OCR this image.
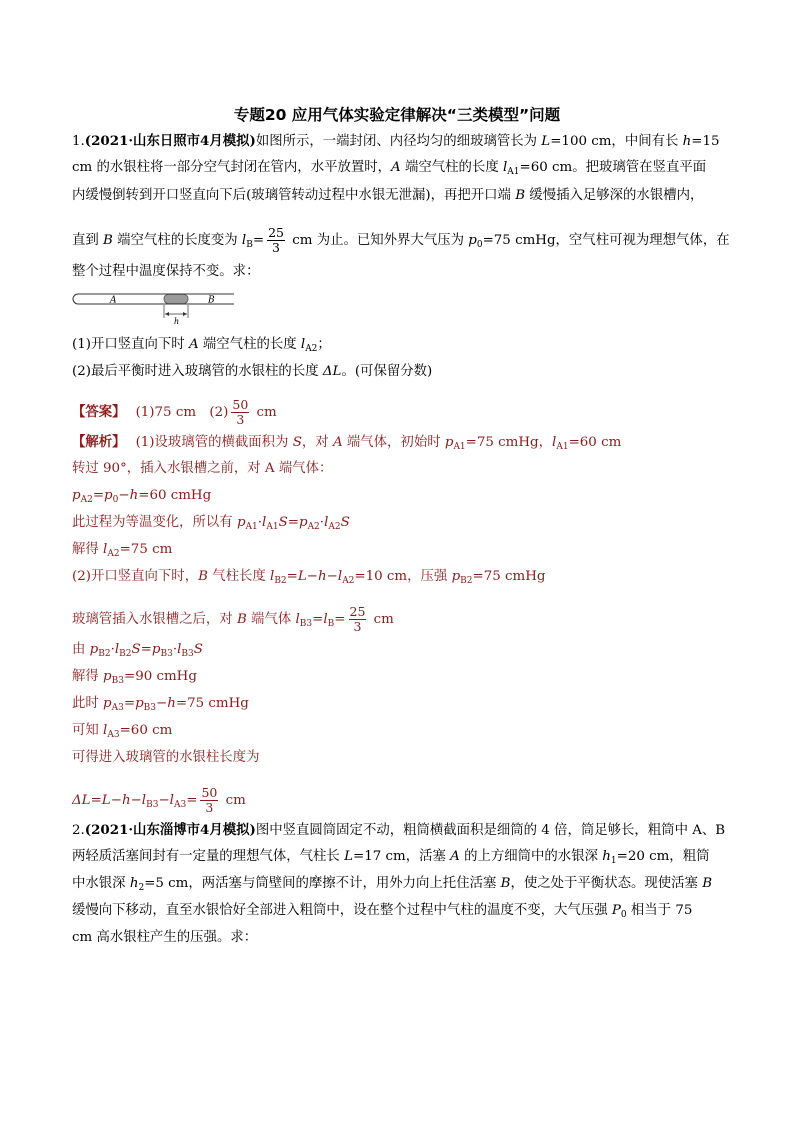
专题20 应用气体实验定律解决“三类模型”问题
1.(2021·山东日照市4月模拟)如图所示，一端封闭、内径均匀的细玻璃管长为 L=100 cm，中间有长 h=15
cm 的水银柱将一部分空气封闭在管内，水平放置时，A 端空气柱的长度 $l_{A1}=60$ cm。把玻璃管在竖直平面
内缓慢倒转到开口竖直向下后(玻璃管转动过程中水银无泄漏)，再把开口端 B 缓慢插入足够深的水银槽内，
直到 B 端空气柱的长度变为 $l_B= \frac{25}{3}$ cm 为止。已知外界大气压为 $p_0=75$ cmHg，空气柱可视为理想气体，在
整个过程中温度保持不变。求：
A	B
h
(1)开口竖直向下时 A 端空气柱的长度 $l_{A2}$；
(2)最后平衡时进入玻璃管的水银柱的长度 ΔL。(可保留分数)
【答案】 (1)75 cm　$(2) \frac{50}{3}$ cm
【解析】 (1)设玻璃管的横截面积为 S，对 A 端气体，初始时 $p_{A1}=75$ cmHg，$l_{A1}=60$ cm
转过 90°，插入水银槽之前，对 A 端气体：
$p_{A2}=p_0-h=60$ cmHg
此过程为等温变化，所以有 $p_{A1}\cdot l_{A1}S=p_{A2}\cdot l_{A2}S$
解得 $l_{A2}=75$ cm
(2)开口竖直向下时，B 气柱长度 $l_{B2}=L-h-l_{A2}=10$ cm，压强 $p_{B2}=75$ cmHg
玻璃管插入水银槽之后，对 B 端气体 $l_{B3}=l_B= \frac{25}{3}$ cm
由 $p_{B2}\cdot l_{B2}S=p_{B3}\cdot l_{B3}S$
解得 $p_{B3}=90$ cmHg
此时 $p_{A3}=p_{B3}-h=75$ cmHg
可知 $l_{A3}=60$ cm
可得进入玻璃管的水银柱长度为
$\Delta L=L-h-l_{B3}-l_{A3}= \frac{50}{3}$ cm
2.(2021·山东淄博市4月模拟)图中竖直圆筒固定不动，粗筒横截面积是细筒的 4 倍，筒足够长，粗筒中 A、B
两轻质活塞间封有一定量的理想气体，气柱长 L=17 cm，活塞 A 的上方细筒中的水银深 $h_1=20$ cm，粗筒
中水银深 $h_2=5$ cm，两活塞与筒壁间的摩擦不计，用外力向上托住活塞 B，使之处于平衡状态。现使活塞 B
缓慢向下移动，直至水银恰好全部进入粗筒中，设在整个过程中气柱的温度不变，大气压强 $P_0$ 相当于 75
cm 高水银柱产生的压强。求：
